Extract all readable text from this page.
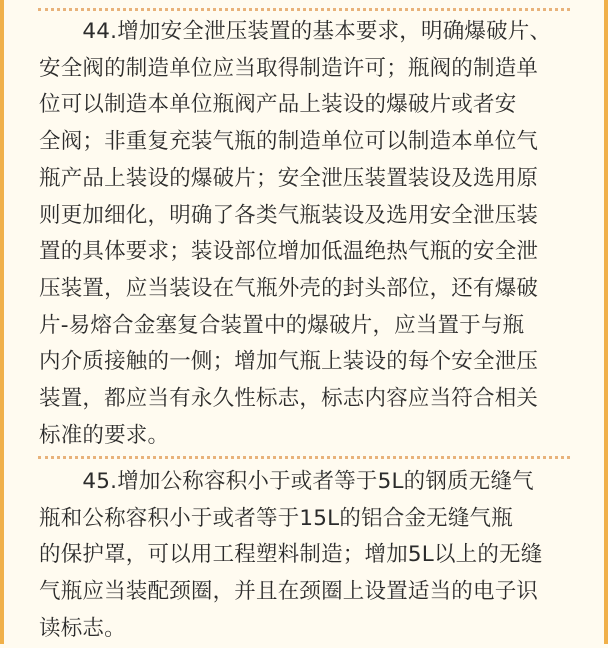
　　44.增加安全泄压装置的基本要求，明确爆破片、
安全阀的制造单位应当取得制造许可；瓶阀的制造单
位可以制造本单位瓶阀产品上装设的爆破片或者安
全阀；非重复充装气瓶的制造单位可以制造本单位气
瓶产品上装设的爆破片；安全泄压装置装设及选用原
则更加细化，明确了各类气瓶装设及选用安全泄压装
置的具体要求；装设部位增加低温绝热气瓶的安全泄
压装置，应当装设在气瓶外壳的封头部位，还有爆破
片-易熔合金塞复合装置中的爆破片，应当置于与瓶
内介质接触的一侧；增加气瓶上装设的每个安全泄压
装置，都应当有永久性标志，标志内容应当符合相关
标准的要求。

　　45.增加公称容积小于或者等于5L的钢质无缝气
瓶和公称容积小于或者等于15L的铝合金无缝气瓶
的保护罩，可以用工程塑料制造；增加5L以上的无缝
气瓶应当装配颈圈，并且在颈圈上设置适当的电子识
读标志。
